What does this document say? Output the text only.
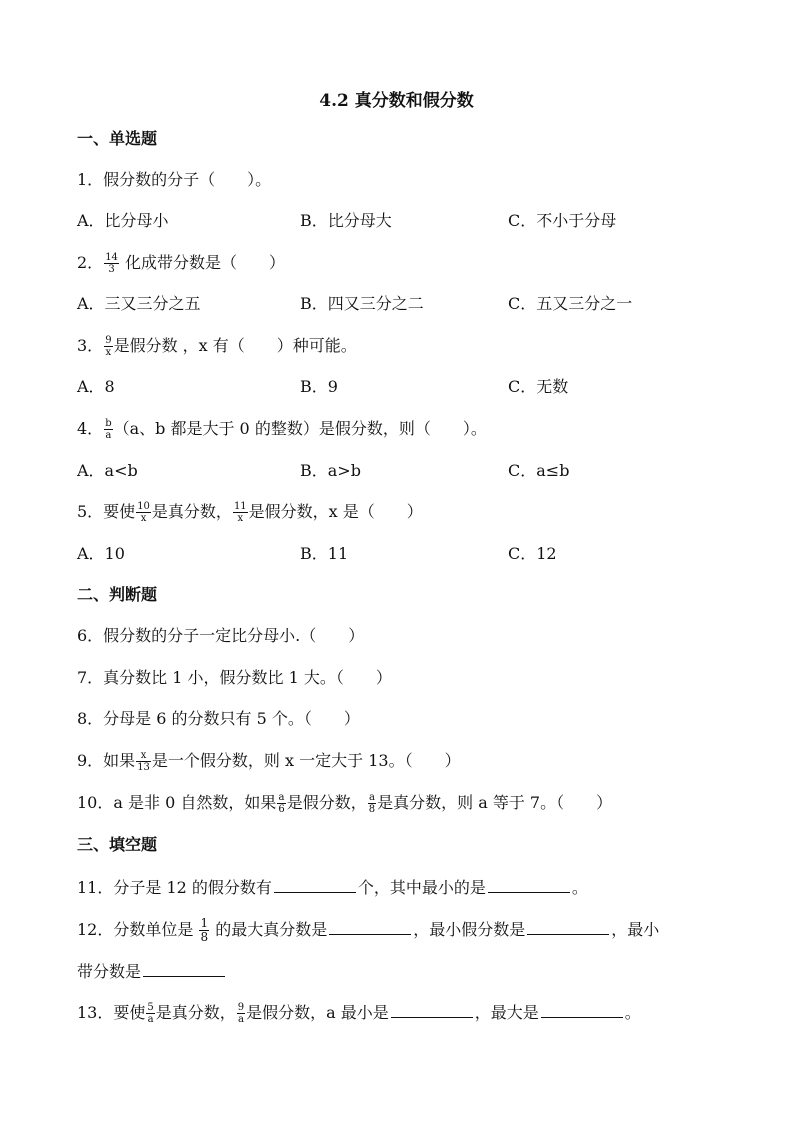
4.2 真分数和假分数
一、单选题
1．假分数的分子（　　）。
A．比分母小	B．比分母大	C．不小于分母
2． $\frac{14}{3}$ 化成带分数是（　　）
A．三又三分之五	B．四又三分之二	C．五又三分之一
3． $\frac{9}{x}$ 是假分数 ，x 有（　　）种可能。
A．8	B．9	C．无数
4． $\frac{b}{a} (a$、b 都是大于 0 的整数）是假分数，则（　　）。
A．a<b	B．a>b	C．a≤b
5．要使 $\frac{10}{x}$ 是真分数， $\frac{11}{x}$ 是假分数，x 是（　　）
A．10	B．11	C．12
二、判断题
6．假分数的分子一定比分母小.（　　）
7．真分数比 1 小，假分数比 1 大。（　　）
8．分母是 6 的分数只有 5 个。（　　）
9．如果 $\frac{x}{13}$ 是一个假分数，则 x 一定大于 13。（　　）
10．a 是非 0 自然数，如果 $\frac{a}{6}$ 是假分数， $\frac{a}{8}$ 是真分数，则 a 等于 7。（　　）
三、填空题
11．分子是 12 的假分数有	个，其中最小的是	。
12．分数单位是 $\frac{1}{8}$ 的最大真分数是	，最小假分数是	，最小
带分数是
13．要使 $\frac{5}{a}$ 是真分数， $\frac{9}{a}$ 是假分数，a 最小是	，最大是	。
